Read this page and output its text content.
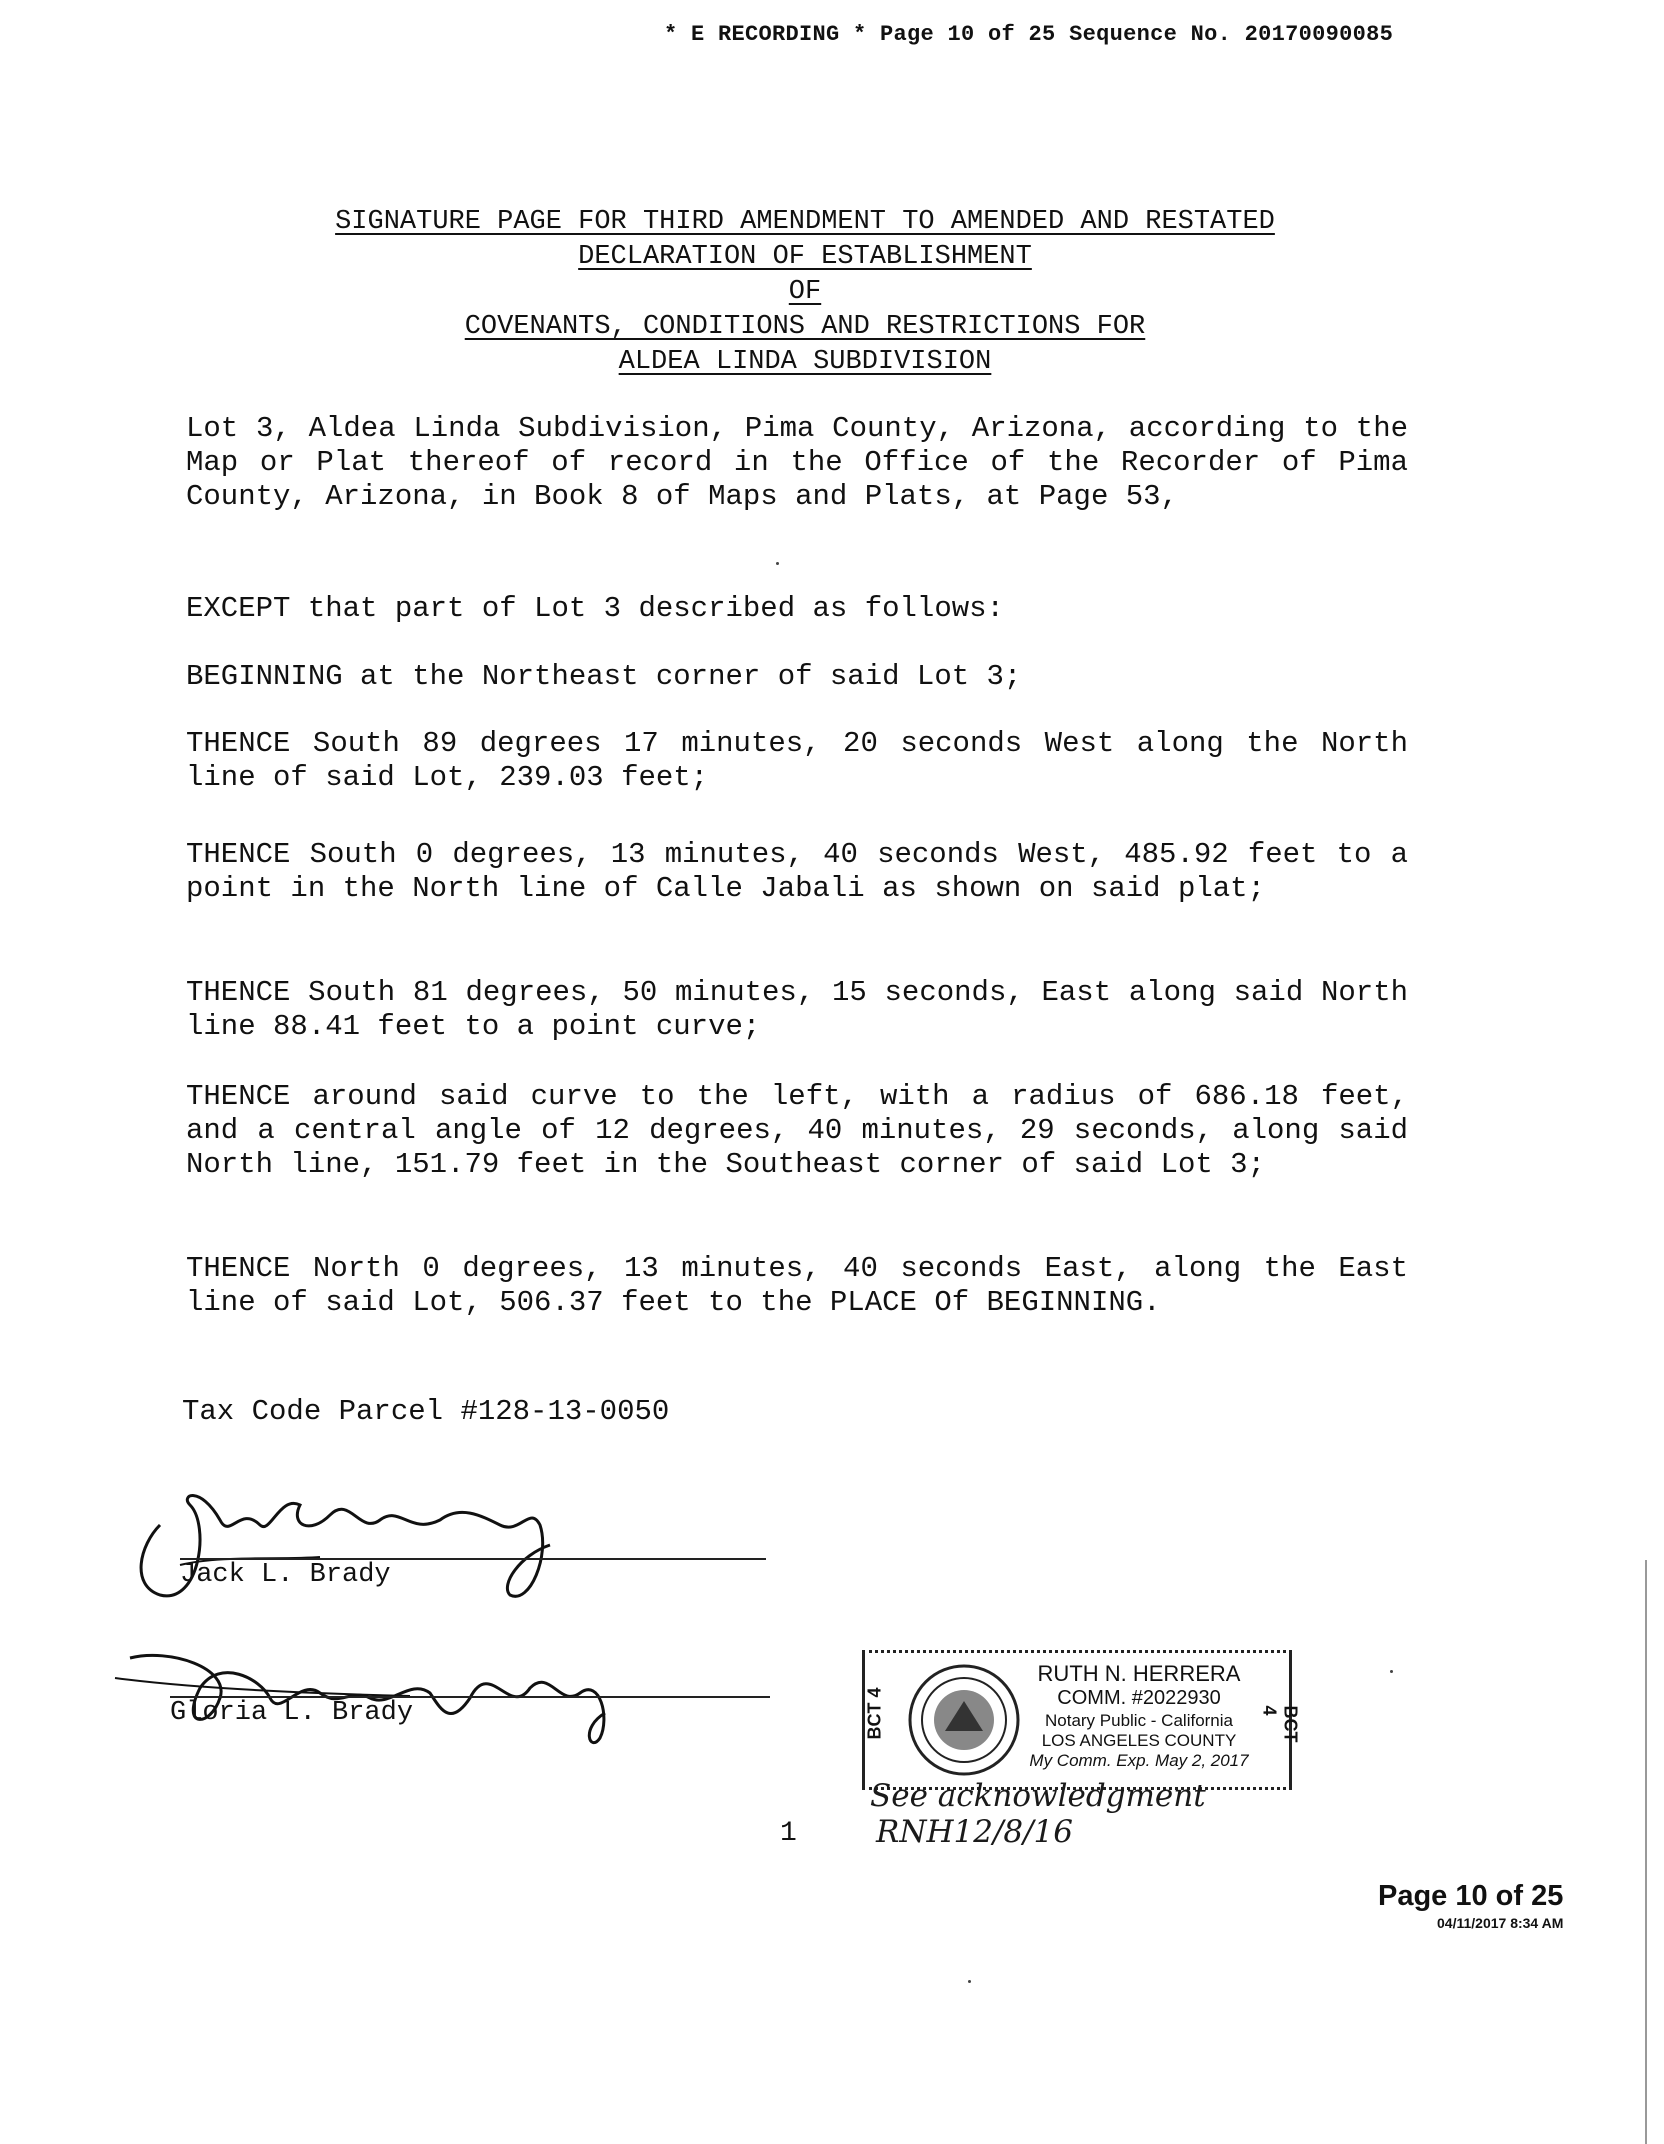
* E RECORDING * Page 10 of 25 Sequence No. 20170090085
SIGNATURE PAGE FOR THIRD AMENDMENT TO AMENDED AND RESTATED
DECLARATION OF ESTABLISHMENT
OF
COVENANTS, CONDITIONS AND RESTRICTIONS FOR
ALDEA LINDA SUBDIVISION
Lot 3, Aldea Linda Subdivision, Pima County, Arizona, according to the Map or Plat thereof of record in the Office of the Recorder of Pima County, Arizona, in Book 8 of Maps and Plats, at Page 53,
EXCEPT that part of Lot 3 described as follows:
BEGINNING at the Northeast corner of said Lot 3;
THENCE South 89 degrees 17 minutes, 20 seconds West along the North line of said Lot, 239.03 feet;
THENCE South 0 degrees, 13 minutes, 40 seconds West, 485.92 feet to a point in the North line of Calle Jabali as shown on said plat;
THENCE South 81 degrees, 50 minutes, 15 seconds, East along said North line 88.41 feet to a point curve;
THENCE around said curve to the left, with a radius of 686.18 feet, and a central angle of 12 degrees, 40 minutes, 29 seconds, along said North line, 151.79 feet in the Southeast corner of said Lot 3;
THENCE North 0 degrees, 13 minutes, 40 seconds East, along the East line of said Lot, 506.37 feet to the PLACE Of BEGINNING.
Tax Code Parcel #128-13-0050
Jack L. Brady
Gloria L. Brady	BCT 4
RUTH N. HERRERA
COMM. #2022930
Notary Public - California
LOS ANGELES COUNTY
My Comm. Exp. May 2, 2017
BCT 4
See acknowledgment
RNH12/8/16
1
Page 10 of 25
04/11/2017 8:34 AM
